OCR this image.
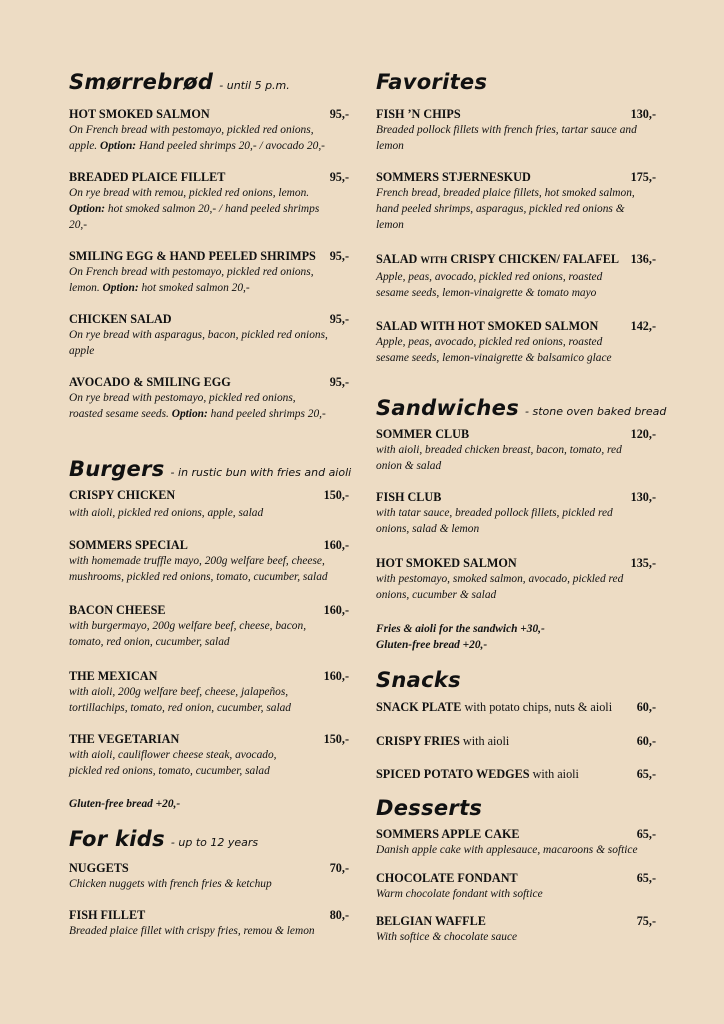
Smørrebrød - until 5 p.m.
HOT SMOKED SALMON	95,-
On French bread with pestomayo, pickled red onions,
apple. Option: Hand peeled shrimps 20,- / avocado 20,-
BREADED PLAICE FILLET	95,-
On rye bread with remou, pickled red onions, lemon.
Option: hot smoked salmon 20,- / hand peeled shrimps
20,-
SMILING EGG & HAND PEELED SHRIMPS 95,-
On French bread with pestomayo, pickled red onions,
lemon. Option: hot smoked salmon 20,-
CHICKEN SALAD	95,-
On rye bread with asparagus, bacon, pickled red onions,
apple
AVOCADO & SMILING EGG	95,-
On rye bread with pestomayo, pickled red onions,
roasted sesame seeds. Option: hand peeled shrimps 20,-
Burgers - in rustic bun with fries and aioli
CRISPY CHICKEN	150,-
with aioli, pickled red onions, apple, salad
SOMMERS SPECIAL	160,-
with homemade truffle mayo, 200g welfare beef, cheese,
mushrooms, pickled red onions, tomato, cucumber, salad
BACON CHEESE	160,-
with burgermayo, 200g welfare beef, cheese, bacon,
tomato, red onion, cucumber, salad
THE MEXICAN	160,-
with aioli, 200g welfare beef, cheese, jalapeños,
tortillachips, tomato, red onion, cucumber, salad
THE VEGETARIAN	150,-
with aioli, cauliflower cheese steak, avocado,
pickled red onions, tomato, cucumber, salad
Gluten-free bread +20,-
For kids - up to 12 years
NUGGETS	70,-
Chicken nuggets with french fries & ketchup
FISH FILLET	80,-
Breaded plaice fillet with crispy fries, remou & lemon
Favorites
FISH ’N CHIPS	130,-
Breaded pollock fillets with french fries, tartar sauce and
lemon
SOMMERS STJERNESKUD	175,-
French bread, breaded plaice fillets, hot smoked salmon,
hand peeled shrimps, asparagus, pickled red onions &
lemon
SALAD WITH CRISPY CHICKEN/ FALAFEL 136,-
Apple, peas, avocado, pickled red onions, roasted
sesame seeds, lemon-vinaigrette & tomato mayo
SALAD WITH HOT SMOKED SALMON	142,-
Apple, peas, avocado, pickled red onions, roasted
sesame seeds, lemon-vinaigrette & balsamico glace
Sandwiches - stone oven baked bread
SOMMER CLUB	120,-
with aioli, breaded chicken breast, bacon, tomato, red
onion & salad
FISH CLUB	130,-
with tatar sauce, breaded pollock fillets, pickled red
onions, salad & lemon
HOT SMOKED SALMON	135,-
with pestomayo, smoked salmon, avocado, pickled red
onions, cucumber & salad
Fries & aioli for the sandwich +30,-
Gluten-free bread +20,-
Snacks
SNACK PLATE with potato chips, nuts & aioli 60,-
CRISPY FRIES with aioli	60,-
SPICED POTATO WEDGES with aioli	65,-
Desserts
SOMMERS APPLE CAKE	65,-
Danish apple cake with applesauce, macaroons & softice
CHOCOLATE FONDANT	65,-
Warm chocolate fondant with softice
BELGIAN WAFFLE	75,-
With softice & chocolate sauce
